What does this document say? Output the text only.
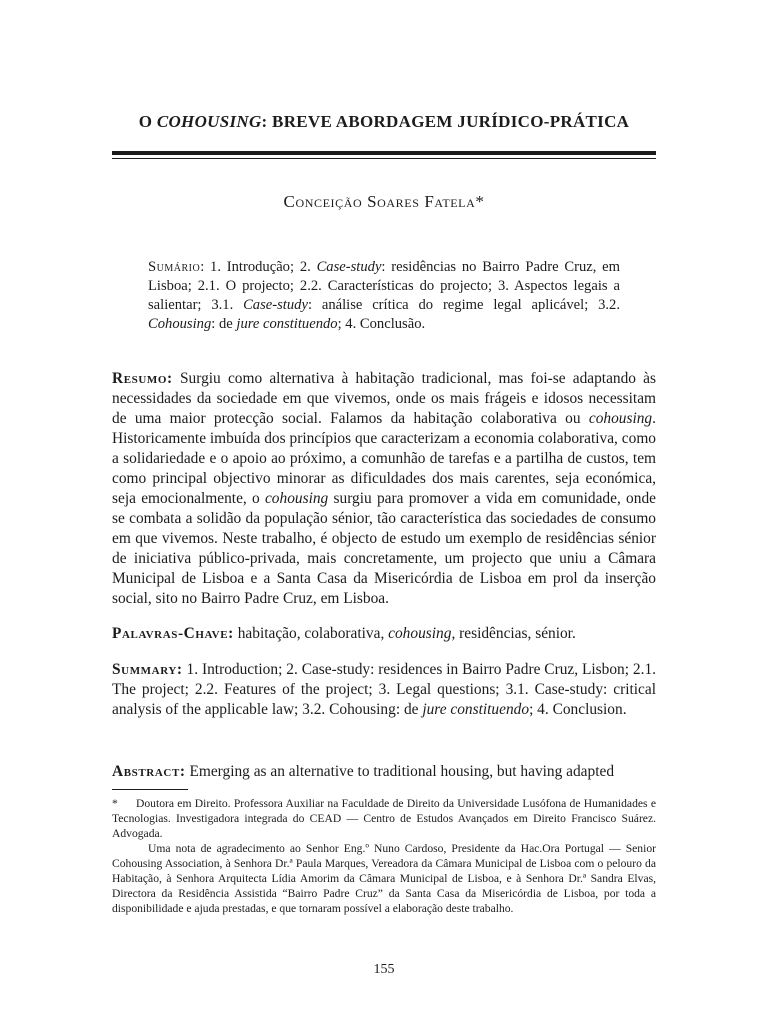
O COHOUSING: BREVE ABORDAGEM JURÍDICO-PRÁTICA
Conceição Soares Fatela*
Sumário: 1. Introdução; 2. Case-study: residências no Bairro Padre Cruz, em Lisboa; 2.1. O projecto; 2.2. Características do projecto; 3. Aspectos legais a salientar; 3.1. Case-study: análise crítica do regime legal aplicável; 3.2. Cohousing: de jure constituendo; 4. Conclusão.
Resumo: Surgiu como alternativa à habitação tradicional, mas foi-se adaptando às necessidades da sociedade em que vivemos, onde os mais frágeis e idosos necessitam de uma maior protecção social. Falamos da habitação colaborativa ou cohousing. Historicamente imbuída dos princípios que caracterizam a economia colaborativa, como a solidariedade e o apoio ao próximo, a comunhão de tarefas e a partilha de custos, tem como principal objectivo minorar as dificuldades dos mais carentes, seja económica, seja emocionalmente, o cohousing surgiu para promover a vida em comunidade, onde se combata a solidão da população sénior, tão característica das sociedades de consumo em que vivemos. Neste trabalho, é objecto de estudo um exemplo de residências sénior de iniciativa público-privada, mais concretamente, um projecto que uniu a Câmara Municipal de Lisboa e a Santa Casa da Misericórdia de Lisboa em prol da inserção social, sito no Bairro Padre Cruz, em Lisboa.
Palavras-Chave: habitação, colaborativa, cohousing, residências, sénior.
Summary: 1. Introduction; 2. Case-study: residences in Bairro Padre Cruz, Lisbon; 2.1. The project; 2.2. Features of the project; 3. Legal questions; 3.1. Case-study: critical analysis of the applicable law; 3.2. Cohousing: de jure constituendo; 4. Conclusion.
Abstract: Emerging as an alternative to traditional housing, but having adapted

* Doutora em Direito. Professora Auxiliar na Faculdade de Direito da Universidade Lusófona de Humanidades e Tecnologias. Investigadora integrada do CEAD — Centro de Estudos Avançados em Direito Francisco Suárez. Advogada.

Uma nota de agradecimento ao Senhor Eng.º Nuno Cardoso, Presidente da Hac.Ora Portugal — Senior Cohousing Association, à Senhora Dr.ª Paula Marques, Vereadora da Câmara Municipal de Lisboa com o pelouro da Habitação, à Senhora Arquitecta Lídia Amorim da Câmara Municipal de Lisboa, e à Senhora Dr.ª Sandra Elvas, Directora da Residência Assistida “Bairro Padre Cruz” da Santa Casa da Misericórdia de Lisboa, por toda a disponibilidade e ajuda prestadas, e que tornaram possível a elaboração deste trabalho.

155
